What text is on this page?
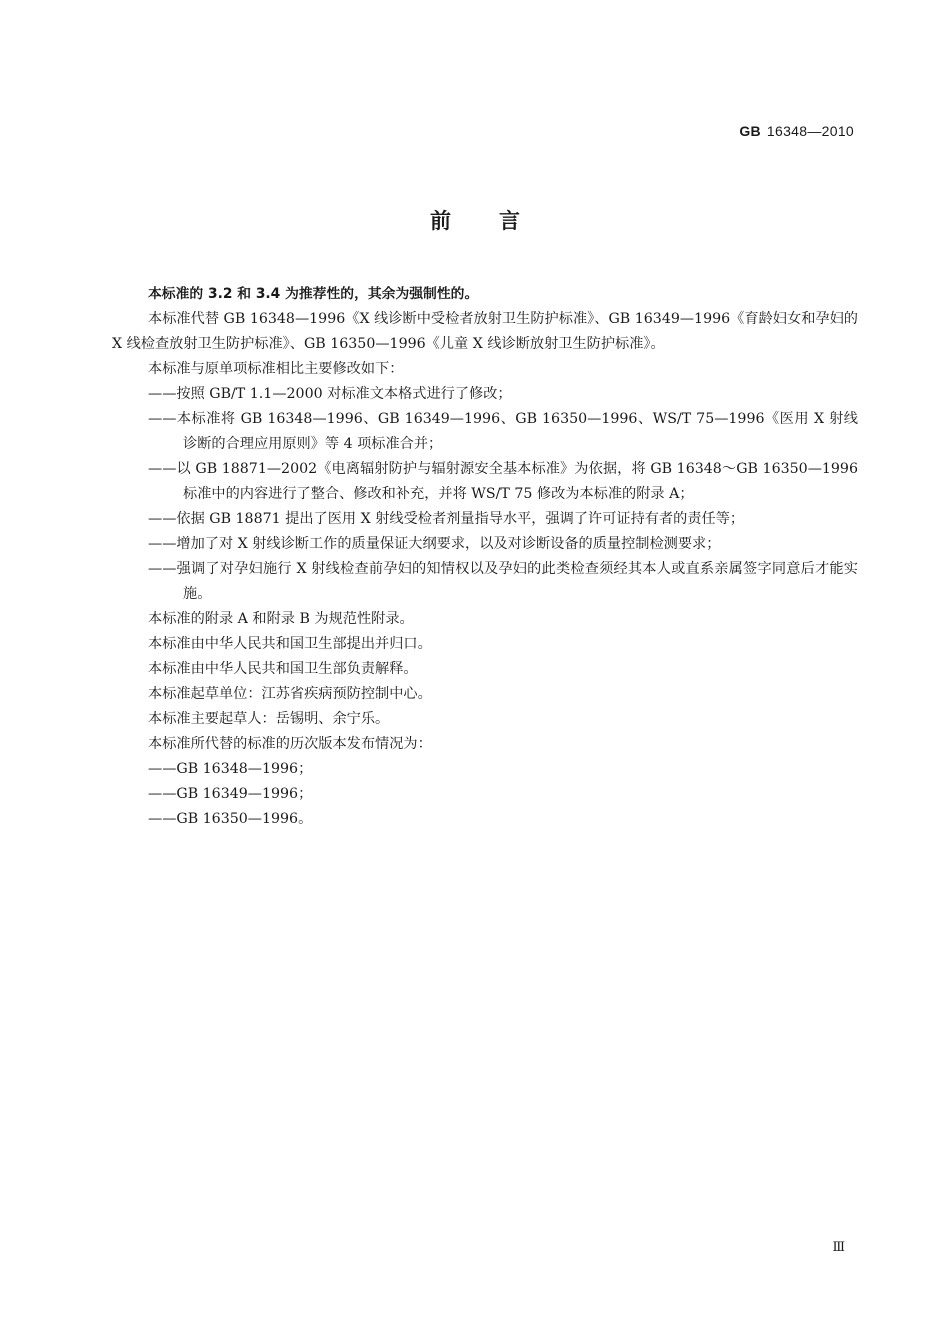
GB 16348—2010
前言

本标准的 3.2 和 3.4 为推荐性的，其余为强制性的。

本标准代替 GB 16348—1996《X 线诊断中受检者放射卫生防护标准》、GB 16349—1996《育龄妇女和孕妇的 X 线检查放射卫生防护标准》、GB 16350—1996《儿童 X 线诊断放射卫生防护标准》。

本标准与原单项标准相比主要修改如下：

——按照 GB/T 1.1—2000 对标准文本格式进行了修改；

——本标准将 GB 16348—1996、GB 16349—1996、GB 16350—1996、WS/T 75—1996《医用 X 射线诊断的合理应用原则》等 4 项标准合并；

——以 GB 18871—2002《电离辐射防护与辐射源安全基本标准》为依据，将 GB 16348～GB 16350—1996 标准中的内容进行了整合、修改和补充，并将 WS/T 75 修改为本标准的附录 A；

——依据 GB 18871 提出了医用 X 射线受检者剂量指导水平，强调了许可证持有者的责任等；

——增加了对 X 射线诊断工作的质量保证大纲要求，以及对诊断设备的质量控制检测要求；

——强调了对孕妇施行 X 射线检查前孕妇的知情权以及孕妇的此类检查须经其本人或直系亲属签字同意后才能实施。

本标准的附录 A 和附录 B 为规范性附录。

本标准由中华人民共和国卫生部提出并归口。

本标准由中华人民共和国卫生部负责解释。

本标准起草单位：江苏省疾病预防控制中心。

本标准主要起草人：岳锡明、余宁乐。

本标准所代替的标准的历次版本发布情况为：

——GB 16348—1996；

——GB 16349—1996；

——GB 16350—1996。

Ⅲ
